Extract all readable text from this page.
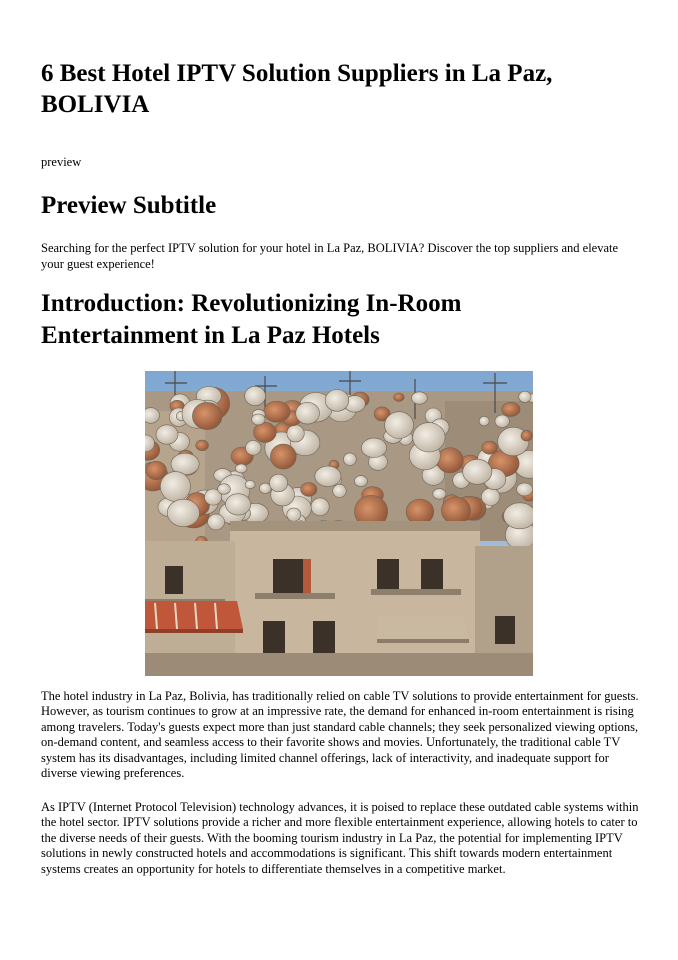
6 Best Hotel IPTV Solution Suppliers in La Paz, BOLIVIA

preview

Preview Subtitle

Searching for the perfect IPTV solution for your hotel in La Paz, BOLIVIA? Discover the top suppliers and elevate your guest experience!

Introduction: Revolutionizing In-Room Entertainment in La Paz Hotels

The hotel industry in La Paz, Bolivia, has traditionally relied on cable TV solutions to provide entertainment for guests. However, as tourism continues to grow at an impressive rate, the demand for enhanced in-room entertainment is rising among travelers. Today's guests expect more than just standard cable channels; they seek personalized viewing options, on-demand content, and seamless access to their favorite shows and movies. Unfortunately, the traditional cable TV system has its disadvantages, including limited channel offerings, lack of interactivity, and inadequate support for diverse viewing preferences.

As IPTV (Internet Protocol Television) technology advances, it is poised to replace these outdated cable systems within the hotel sector. IPTV solutions provide a richer and more flexible entertainment experience, allowing hotels to cater to the diverse needs of their guests. With the booming tourism industry in La Paz, the potential for implementing IPTV solutions in newly constructed hotels and accommodations is significant. This shift towards modern entertainment systems creates an opportunity for hotels to differentiate themselves in a competitive market.
